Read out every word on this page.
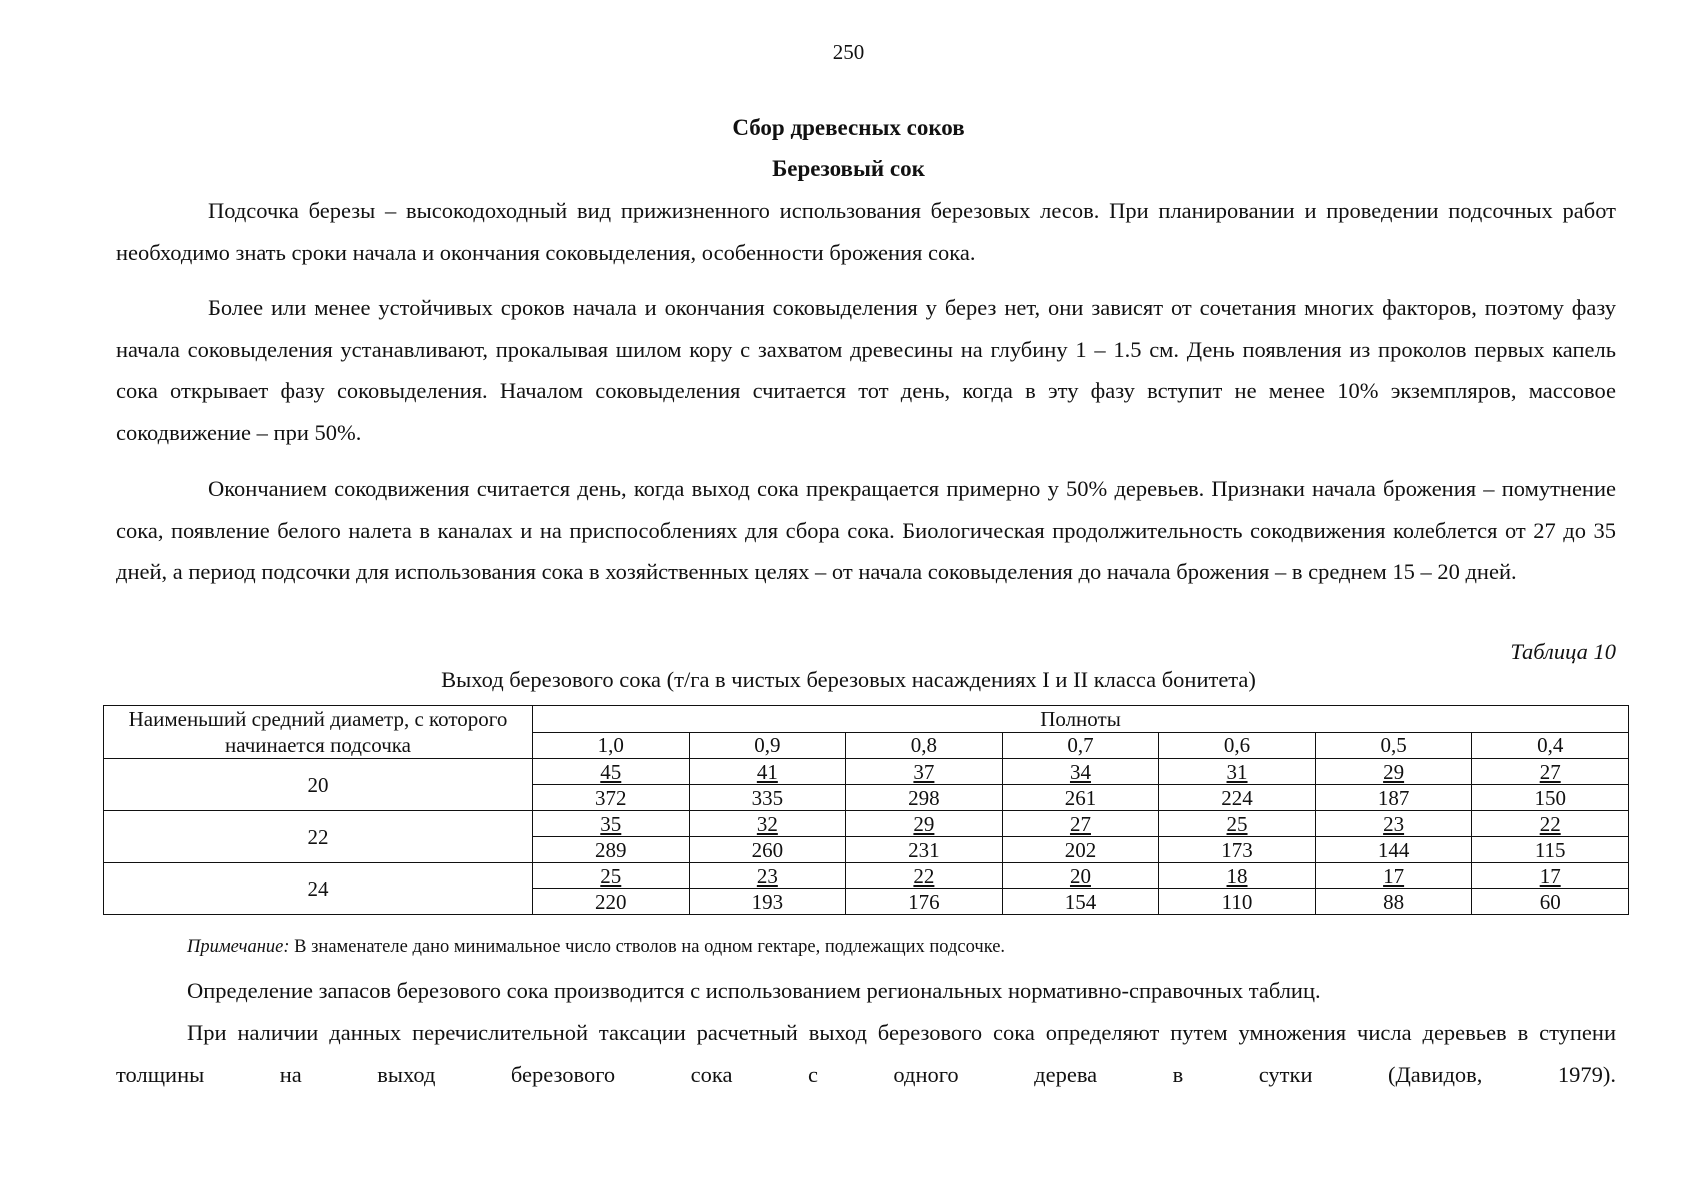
250
Сбор древесных соков
Березовый сок

Подсочка березы – высокодоходный вид прижизненного использования березовых лесов. При планировании и проведении подсочных работ необходимо знать сроки начала и окончания соковыделения, особенности брожения сока.

Более или менее устойчивых сроков начала и окончания соковыделения у берез нет, они зависят от сочетания многих факторов, поэтому фазу начала соковыделения устанавливают, прокалывая шилом кору с захватом древесины на глубину 1 – 1.5 см. День появления из проколов первых капель сока открывает фазу соковыделения. Началом соковыделения считается тот день, когда в эту фазу вступит не менее 10% экземпляров, массовое сокодвижение – при 50%.

Окончанием сокодвижения считается день, когда выход сока прекращается примерно у 50% деревьев. Признаки начала брожения – помутнение сока, появление белого налета в каналах и на приспособлениях для сбора сока. Биологическая продолжительность сокодвижения колеблется от 27 до 35 дней, а период подсочки для использования сока в хозяйственных целях – от начала соковыделения до начала брожения – в среднем 15 – 20 дней.

Таблица 10
Выход березового сока (т/га в чистых березовых насаждениях I и II класса бонитета)
Наименьший средний диаметр, с которого начинается подсочка	Полноты						
	1,0	0,9	0,8	0,7	0,6	0,5	0,4
20	45	41	37	34	31	29	27
	372	335	298	261	224	187	150
22	35	32	29	27	25	23	22
	289	260	231	202	173	144	115
24	25	23	22	20	18	17	17
	220	193	176	154	110	88	60
Примечание: В знаменателе дано минимальное число стволов на одном гектаре, подлежащих подсочке.

Определение запасов березового сока производится с использованием региональных нормативно-справочных таблиц.

При наличии данных перечислительной таксации расчетный выход березового сока определяют путем умножения числа деревьев в ступени толщины на выход березового сока с одного дерева в сутки (Давидов, 1979).
